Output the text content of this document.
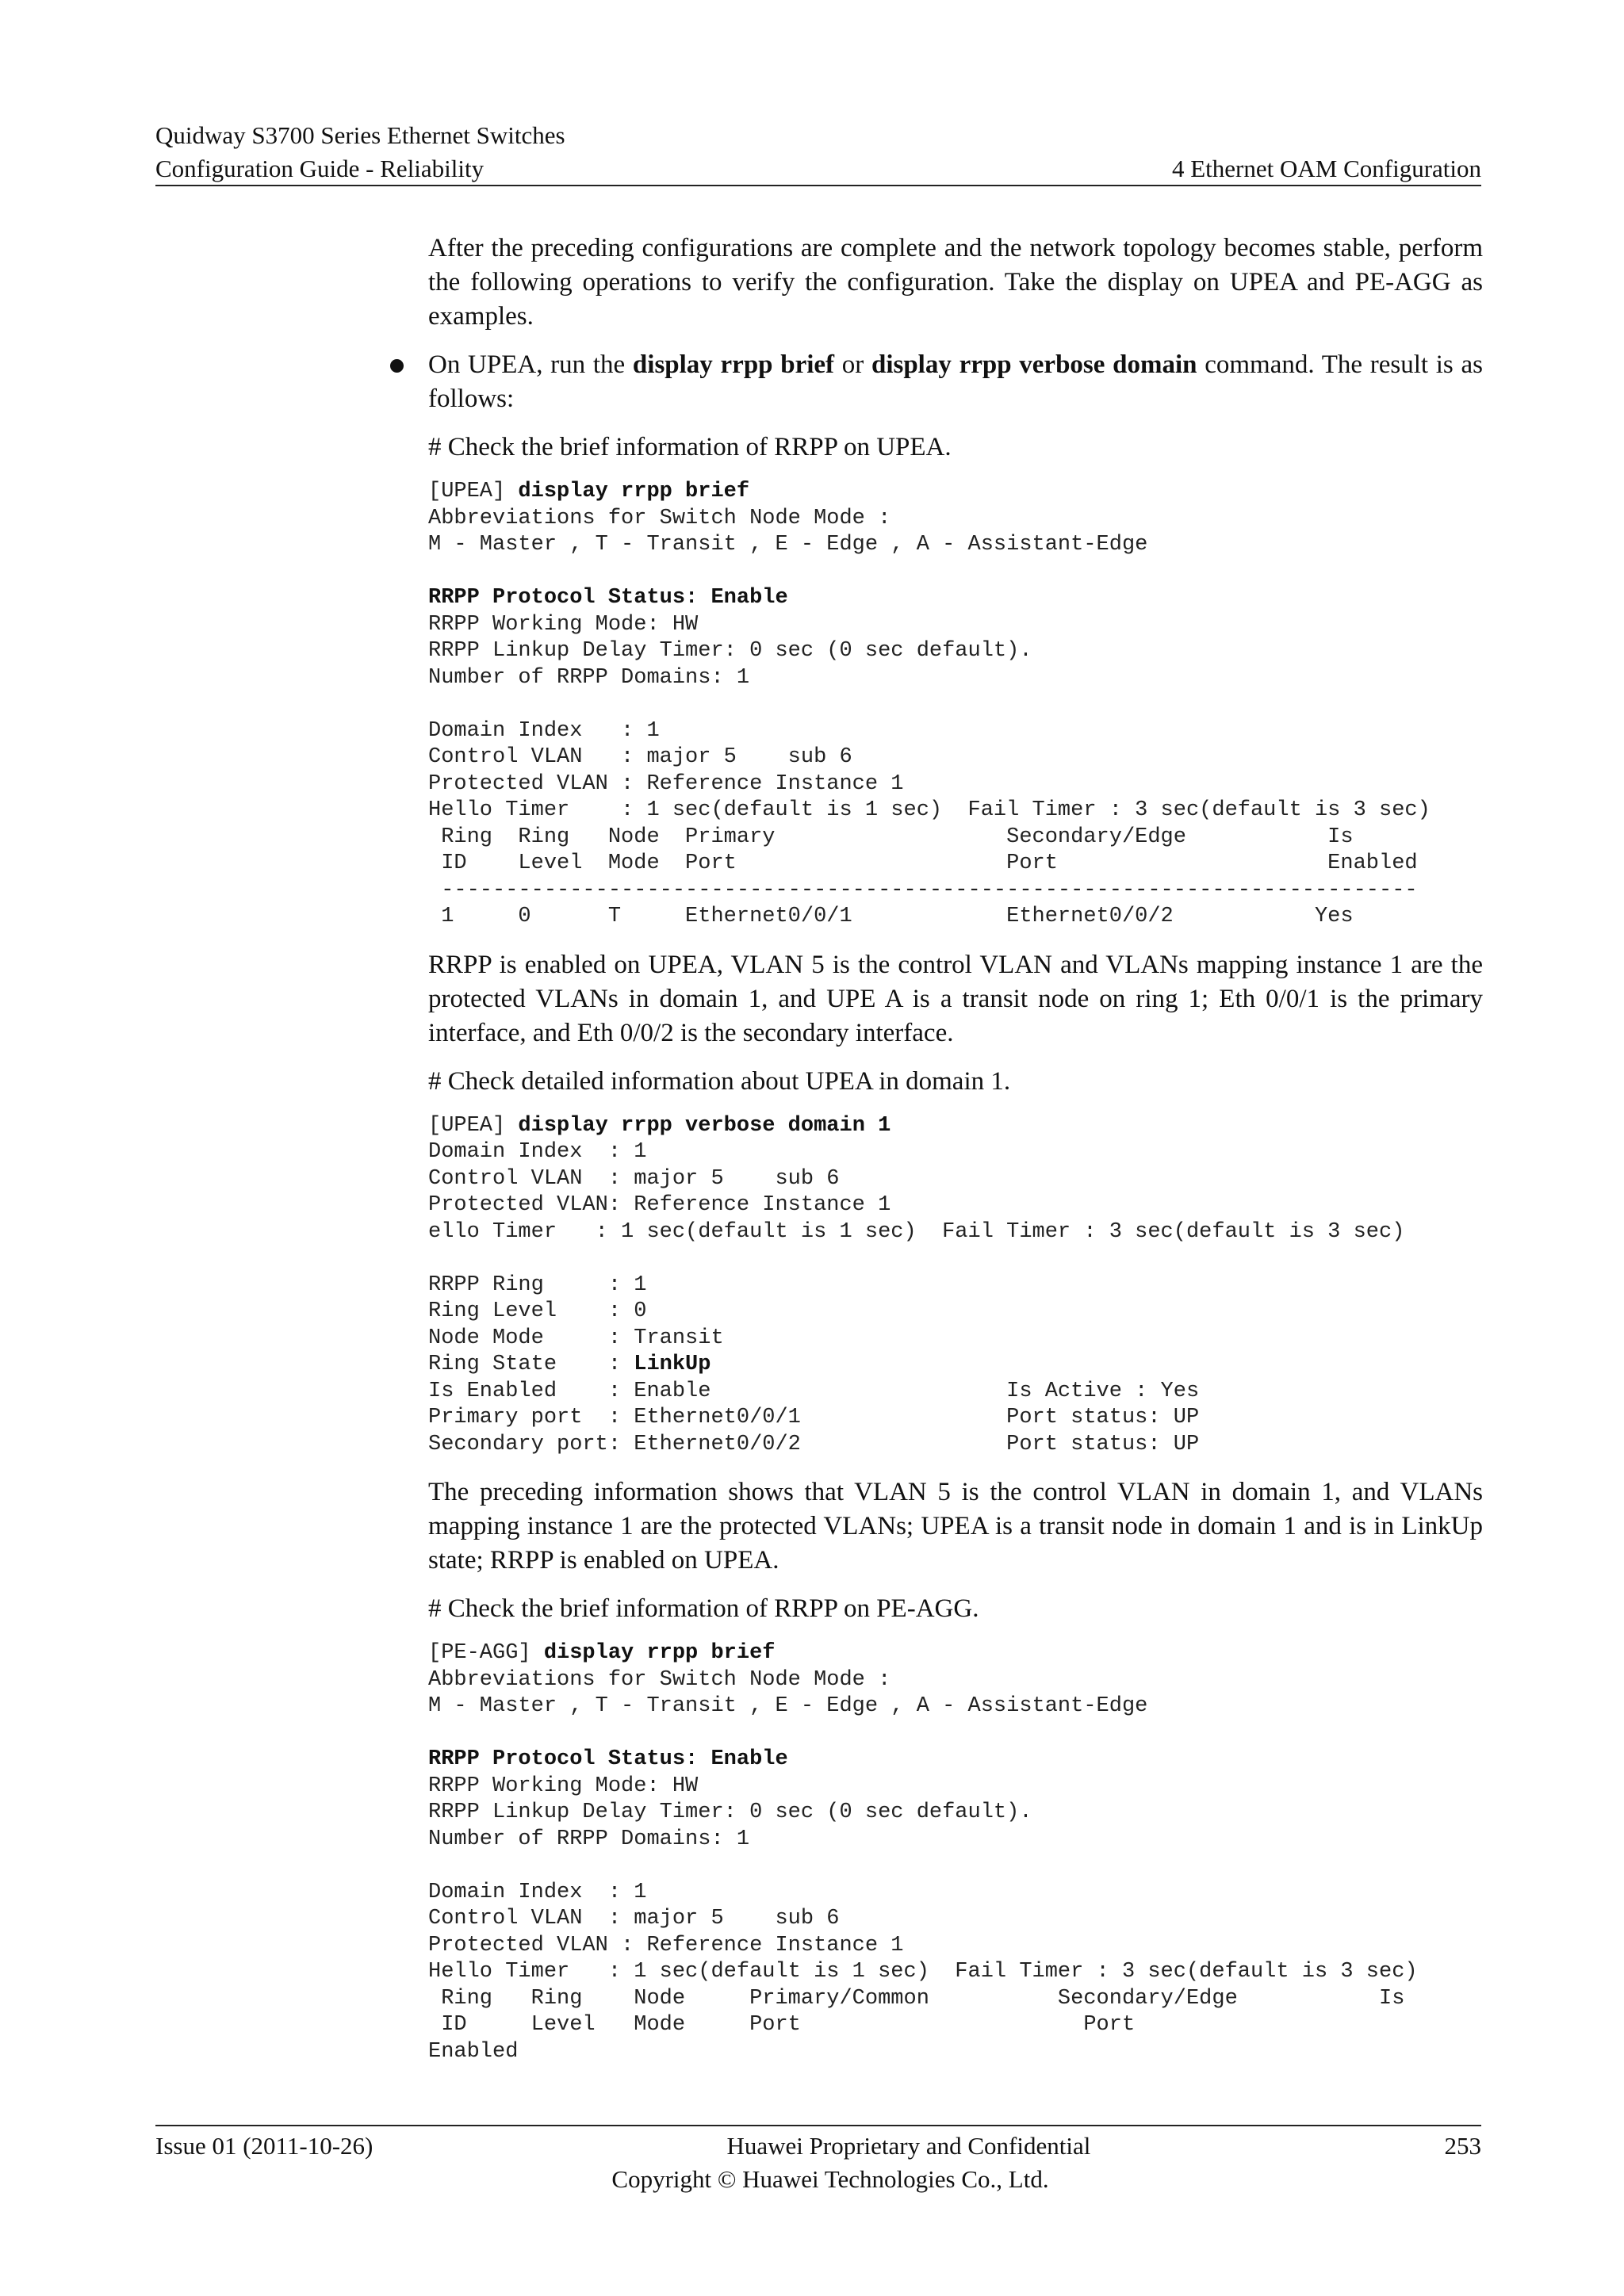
Quidway S3700 Series Ethernet Switches
Configuration Guide - Reliability	4 Ethernet OAM Configuration

After the preceding configurations are complete and the network topology becomes stable, perform the following operations to verify the configuration. Take the display on UPEA and PE-AGG as examples.

On UPEA, run the display rrpp brief or display rrpp verbose domain command. The result is as follows:

# Check the brief information of RRPP on UPEA.

[UPEA] display rrpp brief
Abbreviations for Switch Node Mode :
M - Master , T - Transit , E - Edge , A - Assistant-Edge

RRPP Protocol Status: Enable
RRPP Working Mode: HW
RRPP Linkup Delay Timer: 0 sec (0 sec default).
Number of RRPP Domains: 1

Domain Index   : 1
Control VLAN   : major 5    sub 6
Protected VLAN : Reference Instance 1
Hello Timer    : 1 sec(default is 1 sec)  Fail Timer : 3 sec(default is 3 sec)
Ring  Ring   Node  Primary                  Secondary/Edge           Is
ID    Level  Mode  Port                     Port                     Enabled
----------------------------------------------------------------------------
1     0      T     Ethernet0/0/1            Ethernet0/0/2           Yes

RRPP is enabled on UPEA, VLAN 5 is the control VLAN and VLANs mapping instance 1 are the protected VLANs in domain 1, and UPE A is a transit node on ring 1; Eth 0/0/1 is the primary interface, and Eth 0/0/2 is the secondary interface.

# Check detailed information about UPEA in domain 1.

[UPEA] display rrpp verbose domain 1
Domain Index  : 1
Control VLAN  : major 5    sub 6
Protected VLAN: Reference Instance 1
ello Timer   : 1 sec(default is 1 sec)  Fail Timer : 3 sec(default is 3 sec)

RRPP Ring     : 1
Ring Level    : 0
Node Mode     : Transit
Ring State    : LinkUp
Is Enabled    : Enable                       Is Active : Yes
Primary port  : Ethernet0/0/1                Port status: UP
Secondary port: Ethernet0/0/2                Port status: UP

The preceding information shows that VLAN 5 is the control VLAN in domain 1, and VLANs mapping instance 1 are the protected VLANs; UPEA is a transit node in domain 1 and is in LinkUp state; RRPP is enabled on UPEA.

# Check the brief information of RRPP on PE-AGG.

[PE-AGG] display rrpp brief
Abbreviations for Switch Node Mode :
M - Master , T - Transit , E - Edge , A - Assistant-Edge

RRPP Protocol Status: Enable
RRPP Working Mode: HW
RRPP Linkup Delay Timer: 0 sec (0 sec default).
Number of RRPP Domains: 1

Domain Index  : 1
Control VLAN  : major 5    sub 6
Protected VLAN : Reference Instance 1
Hello Timer   : 1 sec(default is 1 sec)  Fail Timer : 3 sec(default is 3 sec)
Ring   Ring    Node     Primary/Common          Secondary/Edge           Is
ID     Level   Mode     Port                      Port
Enabled
Issue 01 (2011-10-26)	Huawei Proprietary and Confidential	253
Copyright © Huawei Technologies Co., Ltd.
